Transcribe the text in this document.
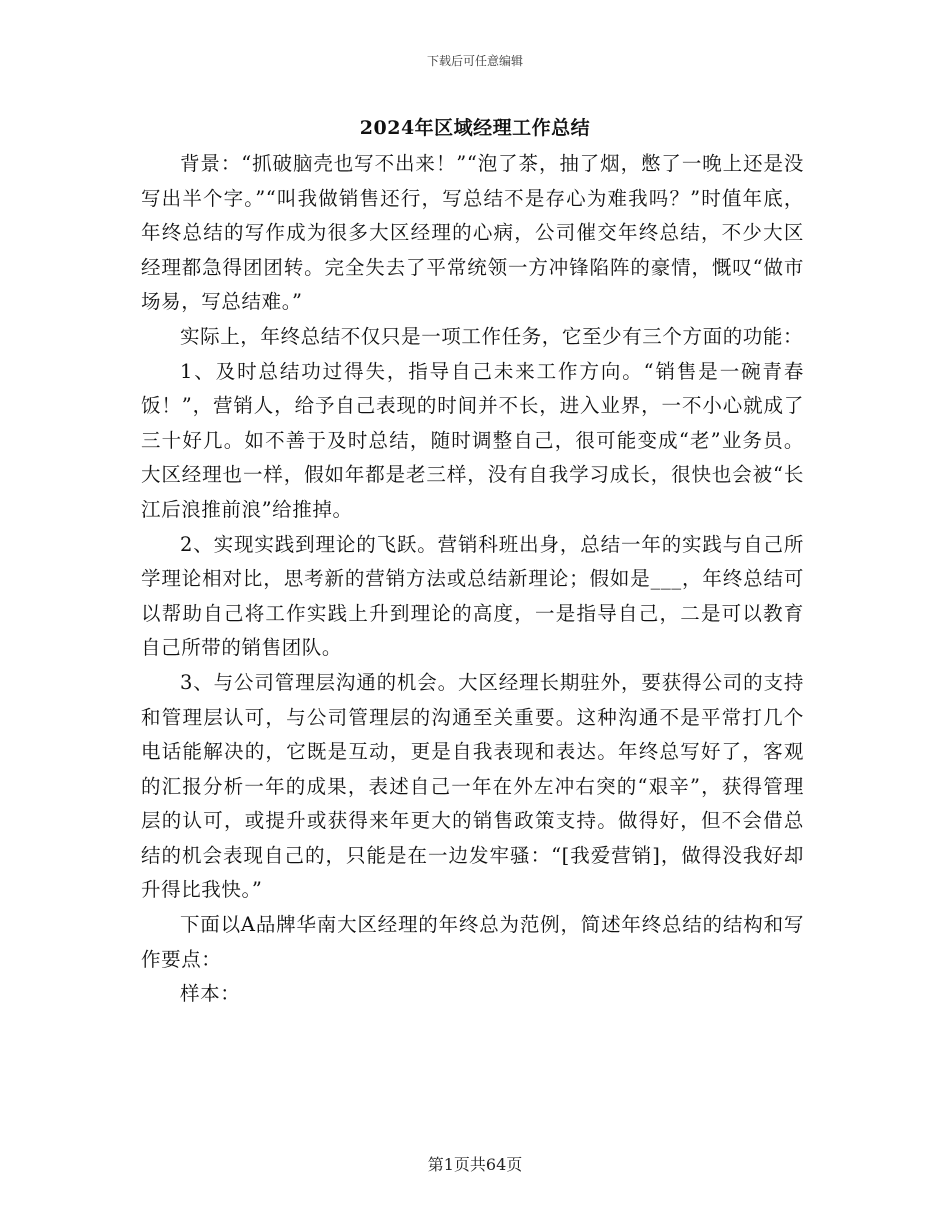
下载后可任意编辑
2024年区域经理工作总结

背景：“抓破脑壳也写不出来！”“泡了茶，抽了烟，憋了一晚上还是没写出半个字。”“叫我做销售还行，写总结不是存心为难我吗？”时值年底，年终总结的写作成为很多大区经理的心病，公司催交年终总结，不少大区经理都急得团团转。完全失去了平常统领一方冲锋陷阵的豪情，慨叹“做市场易，写总结难。”

实际上，年终总结不仅只是一项工作任务，它至少有三个方面的功能：

1、及时总结功过得失，指导自己未来工作方向。“销售是一碗青春饭！”，营销人，给予自己表现的时间并不长，进入业界，一不小心就成了三十好几。如不善于及时总结，随时调整自己，很可能变成“老”业务员。大区经理也一样，假如年都是老三样，没有自我学习成长，很快也会被“长江后浪推前浪”给推掉。

2、实现实践到理论的飞跃。营销科班出身，总结一年的实践与自己所学理论相对比，思考新的营销方法或总结新理论；假如是___，年终总结可以帮助自己将工作实践上升到理论的高度，一是指导自己，二是可以教育自己所带的销售团队。

3、与公司管理层沟通的机会。大区经理长期驻外，要获得公司的支持和管理层认可，与公司管理层的沟通至关重要。这种沟通不是平常打几个电话能解决的，它既是互动，更是自我表现和表达。年终总写好了，客观的汇报分析一年的成果，表述自己一年在外左冲右突的“艰辛”，获得管理层的认可，或提升或获得来年更大的销售政策支持。做得好，但不会借总结的机会表现自己的，只能是在一边发牢骚：“[我爱营销]，做得没我好却升得比我快。”

下面以A品牌华南大区经理的年终总为范例，简述年终总结的结构和写作要点：

样本：

第1页共64页
